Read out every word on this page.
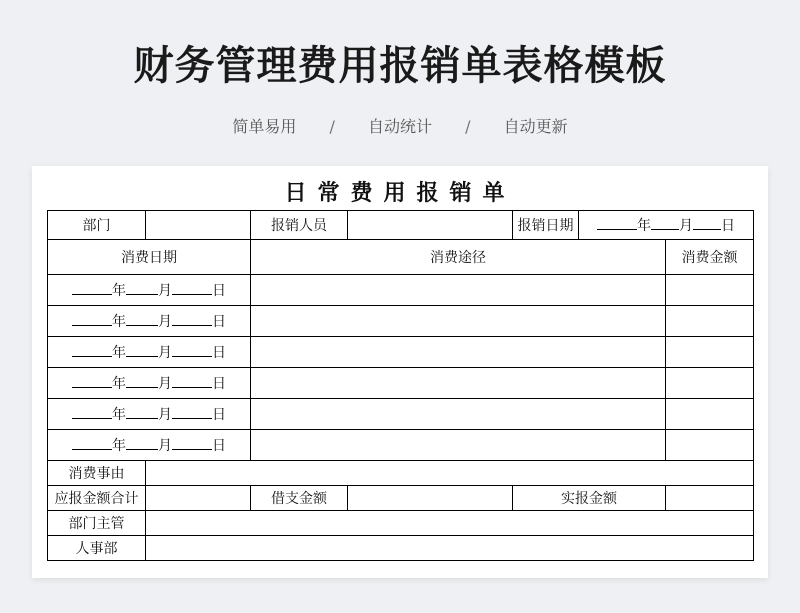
财务管理费用报销单表格模板
简单易用 / 自动统计 / 自动更新
日常费用报销单
部门		报销人员		报销日期	年 月 日	
消费日期		消费途径				消费金额
年 月 日						
年 月 日						
年 月 日						
年 月 日						
年 月 日						
年 月 日						
消费事由						
应报金额合计		借支金额		实报金额		
部门主管						
人事部						
